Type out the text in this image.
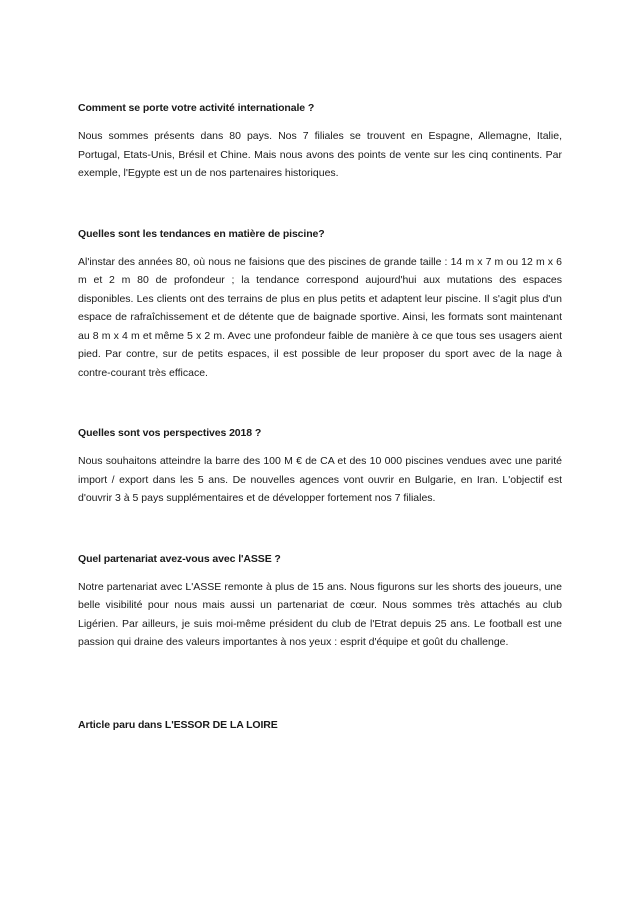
Comment se porte votre activité internationale ?

Nous sommes présents dans 80 pays. Nos 7 filiales se trouvent en Espagne, Allemagne, Italie, Portugal, Etats-Unis, Brésil et Chine. Mais nous avons des points de vente sur les cinq continents. Par exemple, l'Egypte est un de nos partenaires historiques.

Quelles sont les tendances en matière de piscine?

Al'instar des années 80, où nous ne faisions que des piscines de grande taille : 14 m x 7 m ou 12 m x 6 m et 2 m 80 de profondeur ; la tendance correspond aujourd'hui aux mutations des espaces disponibles. Les clients ont des terrains de plus en plus petits et adaptent leur piscine. Il s'agit plus d'un espace de rafraîchissement et de détente que de baignade sportive. Ainsi, les formats sont maintenant au 8 m x 4 m et même 5 x 2 m. Avec une profondeur faible de manière à ce que tous ses usagers aient pied. Par contre, sur de petits espaces, il est possible de leur proposer du sport avec de la nage à contre-courant très efficace.

Quelles sont vos perspectives 2018 ?

Nous souhaitons atteindre la barre des 100 M € de CA et des 10 000 piscines vendues avec une parité import / export dans les 5 ans. De nouvelles agences vont ouvrir en Bulgarie, en Iran. L'objectif est d'ouvrir 3 à 5 pays supplémentaires et de développer fortement nos 7 filiales.

Quel partenariat avez-vous avec l'ASSE ?

Notre partenariat avec L'ASSE remonte à plus de 15 ans. Nous figurons sur les shorts des joueurs, une belle visibilité pour nous mais aussi un partenariat de cœur. Nous sommes très attachés au club Ligérien. Par ailleurs, je suis moi-même président du club de l'Etrat depuis 25 ans. Le football est une passion qui draine des valeurs importantes à nos yeux : esprit d'équipe et goût du challenge.

Article paru dans L'ESSOR DE LA LOIRE
